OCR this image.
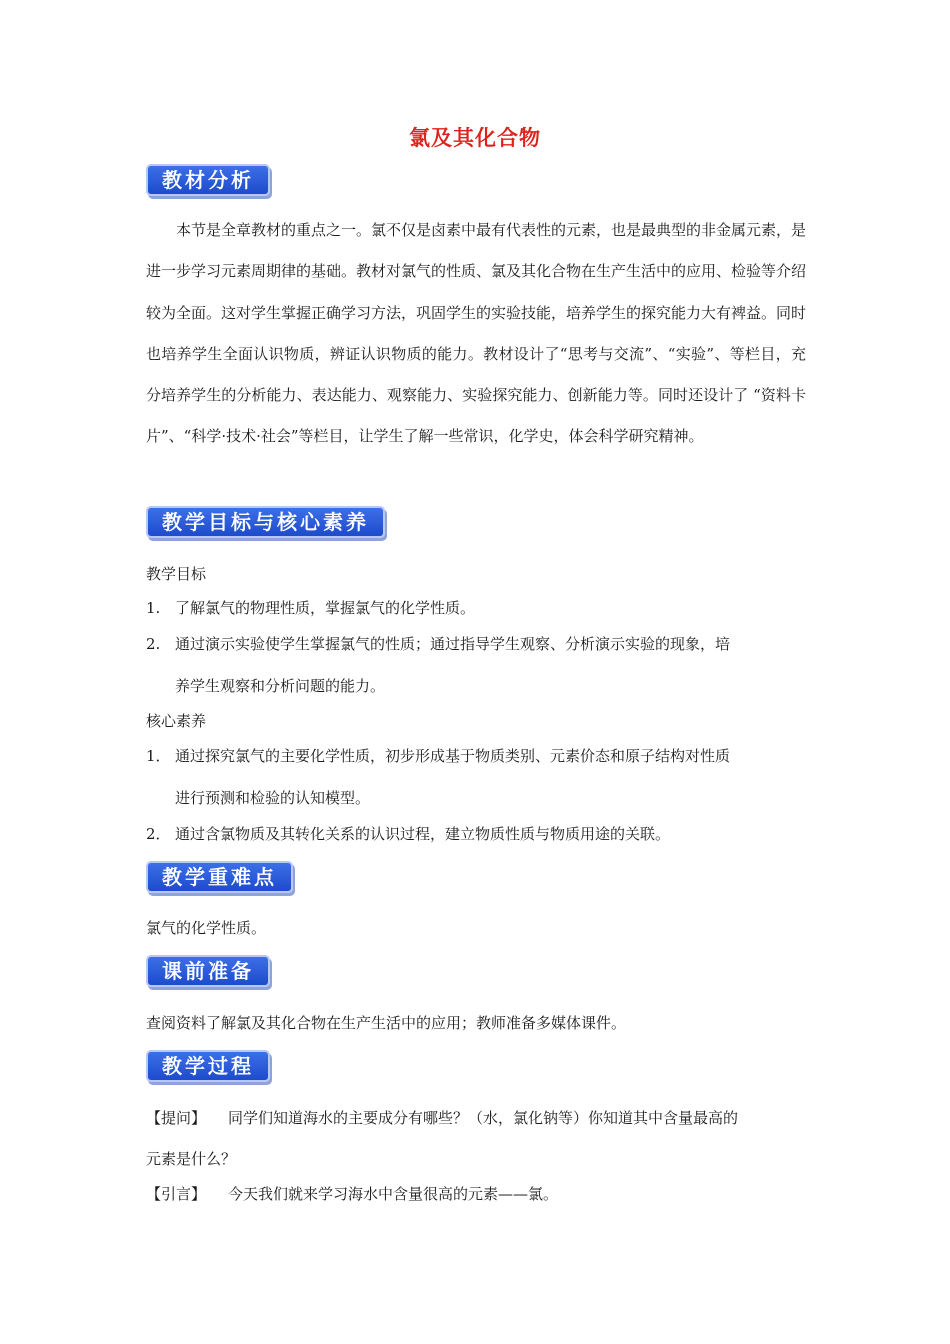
氯及其化合物
教材分析

本节是全章教材的重点之一。氯不仅是卤素中最有代表性的元素，也是最典型的非金属元素，是进一步学习元素周期律的基础。教材对氯气的性质、氯及其化合物在生产生活中的应用、检验等介绍较为全面。这对学生掌握正确学习方法，巩固学生的实验技能，培养学生的探究能力大有裨益。同时也培养学生全面认识物质，辨证认识物质的能力。教材设计了“思考与交流”、“实验”、等栏目，充分培养学生的分析能力、表达能力、观察能力、实验探究能力、创新能力等。同时还设计了 “资料卡片”、“科学·技术·社会”等栏目，让学生了解一些常识，化学史，体会科学研究精神。

教学目标与核心素养
教学目标
1. 了解氯气的物理性质，掌握氯气的化学性质。
2. 通过演示实验使学生掌握氯气的性质；通过指导学生观察、分析演示实验的现象，培
养学生观察和分析问题的能力。
核心素养
1． 通过探究氯气的主要化学性质，初步形成基于物质类别、元素价态和原子结构对性质
进行预测和检验的认知模型。
2． 通过含氯物质及其转化关系的认识过程，建立物质性质与物质用途的关联。
教学重难点
氯气的化学性质。
课前准备
查阅资料了解氯及其化合物在生产生活中的应用；教师准备多媒体课件。
教学过程
【提问】 同学们知道海水的主要成分有哪些？（水，氯化钠等）你知道其中含量最高的
元素是什么？
【引言】 今天我们就来学习海水中含量很高的元素——氯。
